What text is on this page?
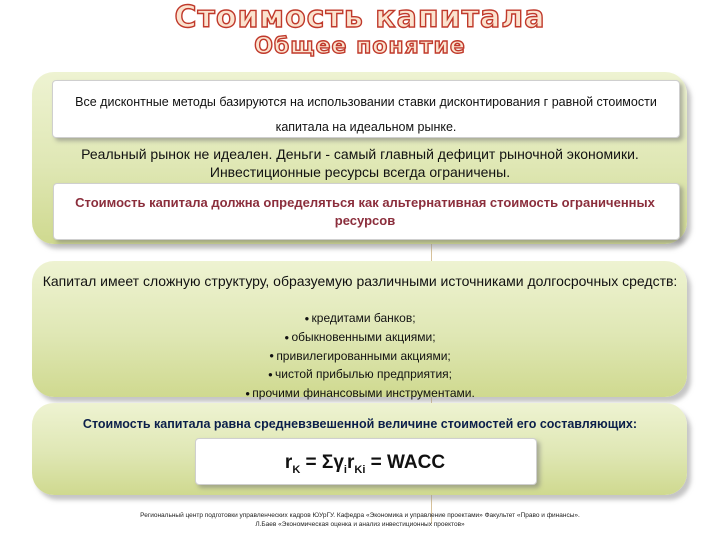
Стоимость капитала
Общее понятие
Все дисконтные методы базируются на использовании ставки дисконтирования г равной стоимости капитала на идеальном рынке.
Реальный рынок не идеален. Деньги - самый главный дефицит рыночной экономики. Инвестиционные ресурсы всегда ограничены.
Стоимость капитала должна определяться как альтернативная стоимость ограниченных ресурсов
Капитал имеет сложную структуру, образуемую различными источниками долгосрочных средств:
● кредитами банков;
● обыкновенными акциями;
● привилегированными акциями;
● чистой прибылью предприятия;
● прочими финансовыми инструментами.
Стоимость капитала равна средневзвешенной величине стоимостей его составляющих:
$r_K = \Sigma\gamma_ir_{Ki}$ = WACC
Региональный центр подготовки управленческих кадров ЮУрГУ. Кафедра «Экономика и управление проектами» Факультет «Право и финансы».
Л.Баев «Экономическая оценка и анализ инвестиционных проектов»
